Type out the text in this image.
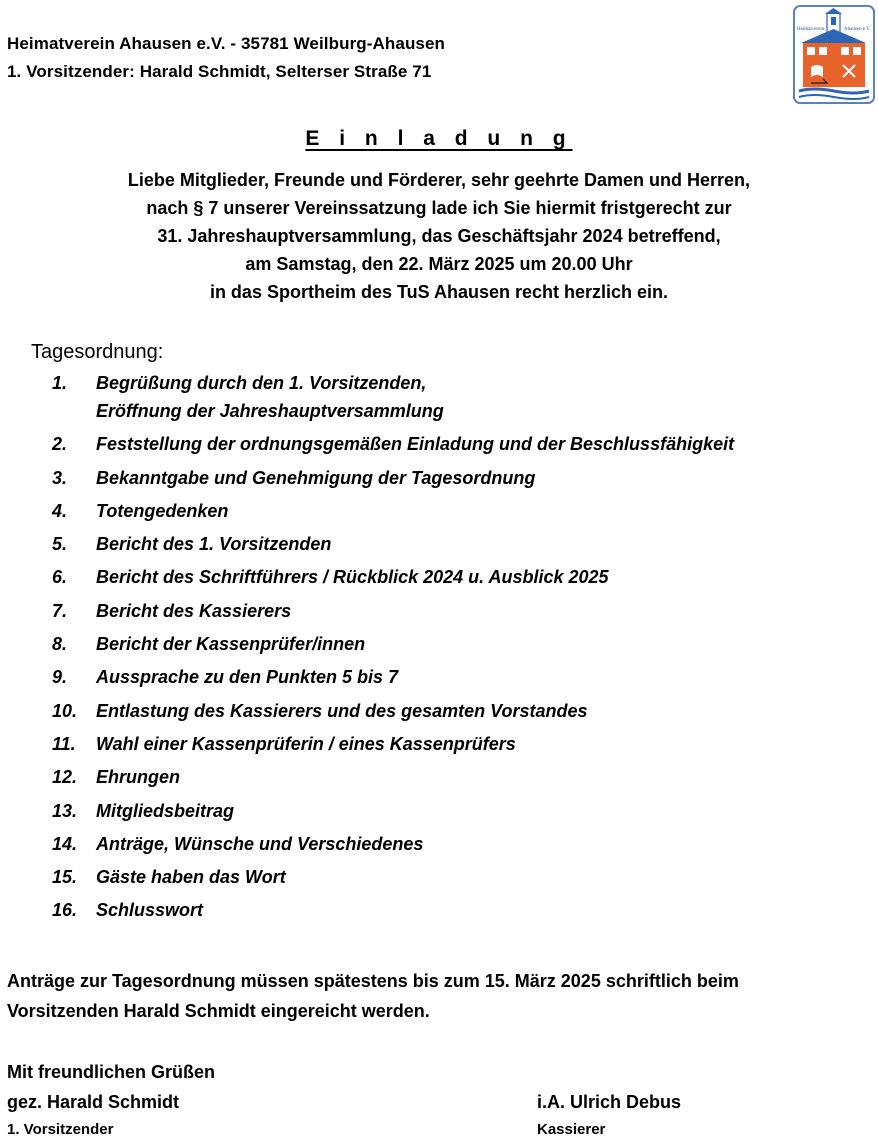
Heimatverein Ahausen e.V. - 35781 Weilburg-Ahausen
1. Vorsitzender: Harald Schmidt, Selterser Straße 71
Heimatverein	Ahausen e.V.
E i n l a d u n g
Liebe Mitglieder, Freunde und Förderer, sehr geehrte Damen und Herren,
nach § 7 unserer Vereinssatzung lade ich Sie hiermit fristgerecht zur
31. Jahreshauptversammlung, das Geschäftsjahr 2024 betreffend,
am Samstag, den 22. März 2025 um 20.00 Uhr
in das Sportheim des TuS Ahausen recht herzlich ein.
Tagesordnung:
1.	Begrüßung durch den 1. Vorsitzenden,
Eröffnung der Jahreshauptversammlung
2.	Feststellung der ordnungsgemäßen Einladung und der Beschlussfähigkeit
3.	Bekanntgabe und Genehmigung der Tagesordnung
4.	Totengedenken
5.	Bericht des 1. Vorsitzenden
6.	Bericht des Schriftführers / Rückblick 2024 u. Ausblick 2025
7.	Bericht des Kassierers
8.	Bericht der Kassenprüfer/innen
9.	Aussprache zu den Punkten 5 bis 7
10.	Entlastung des Kassierers und des gesamten Vorstandes
11.	Wahl einer Kassenprüferin / eines Kassenprüfers
12.	Ehrungen
13.	Mitgliedsbeitrag
14.	Anträge, Wünsche und Verschiedenes
15.	Gäste haben das Wort
16.	Schlusswort
Anträge zur Tagesordnung müssen spätestens bis zum 15. März 2025 schriftlich beim
Vorsitzenden Harald Schmidt eingereicht werden.
Mit freundlichen Grüßen
gez. Harald Schmidt	i.A. Ulrich Debus
1. Vorsitzender	Kassierer
